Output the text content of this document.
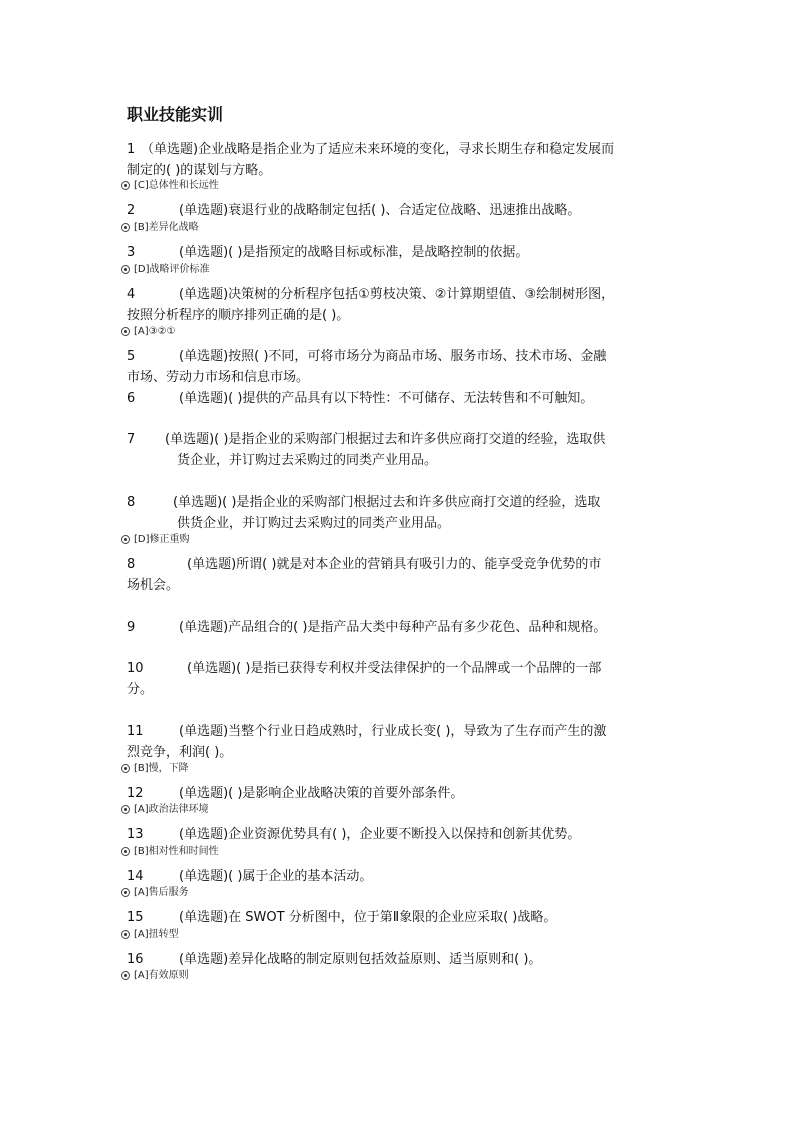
职业技能实训
1 （单选题)企业战略是指企业为了适应未来环境的变化，寻求长期生存和稳定发展而
制定的( )的谋划与方略。
[C]总体性和长远性
2	(单选题)衰退行业的战略制定包括( )、合适定位战略、迅速推出战略。
[B]差异化战略
3	(单选题)( )是指预定的战略目标或标准，是战略控制的依据。
[D]战略评价标准
4	(单选题)决策树的分析程序包括①剪枝决策、②计算期望值、③绘制树形图，
按照分析程序的顺序排列正确的是( )。
[A]③②①
5	(单选题)按照( )不同，可将市场分为商品市场、服务市场、技术市场、金融
市场、劳动力市场和信息市场。
6	(单选题)( )提供的产品具有以下特性：不可储存、无法转售和不可触知。
7 (单选题)( )是指企业的采购部门根据过去和许多供应商打交道的经验，选取供
货企业，并订购过去采购过的同类产业用品。
8	(单选题)( )是指企业的采购部门根据过去和许多供应商打交道的经验，选取
供货企业，并订购过去采购过的同类产业用品。
[D]修正重购
8	(单选题)所谓( )就是对本企业的营销具有吸引力的、能享受竞争优势的市
场机会。
9	(单选题)产品组合的( )是指产品大类中每种产品有多少花色、品种和规格。
10	(单选题)( )是指已获得专利权并受法律保护的一个品牌或一个品牌的一部
分。
11	(单选题)当整个行业日趋成熟时，行业成长变( )，导致为了生存而产生的激
烈竞争，利润( )。
[B]慢，下降
12	(单选题)( )是影响企业战略决策的首要外部条件。
[A]政治法律环境
13	(单选题)企业资源优势具有( )，企业要不断投入以保持和创新其优势。
[B]相对性和时间性
14	(单选题)( )属于企业的基本活动。
[A]售后服务
15	(单选题)在 SWOT 分析图中，位于第Ⅱ象限的企业应采取( )战略。
[A]扭转型
16	(单选题)差异化战略的制定原则包括效益原则、适当原则和( )。
[A]有效原则
